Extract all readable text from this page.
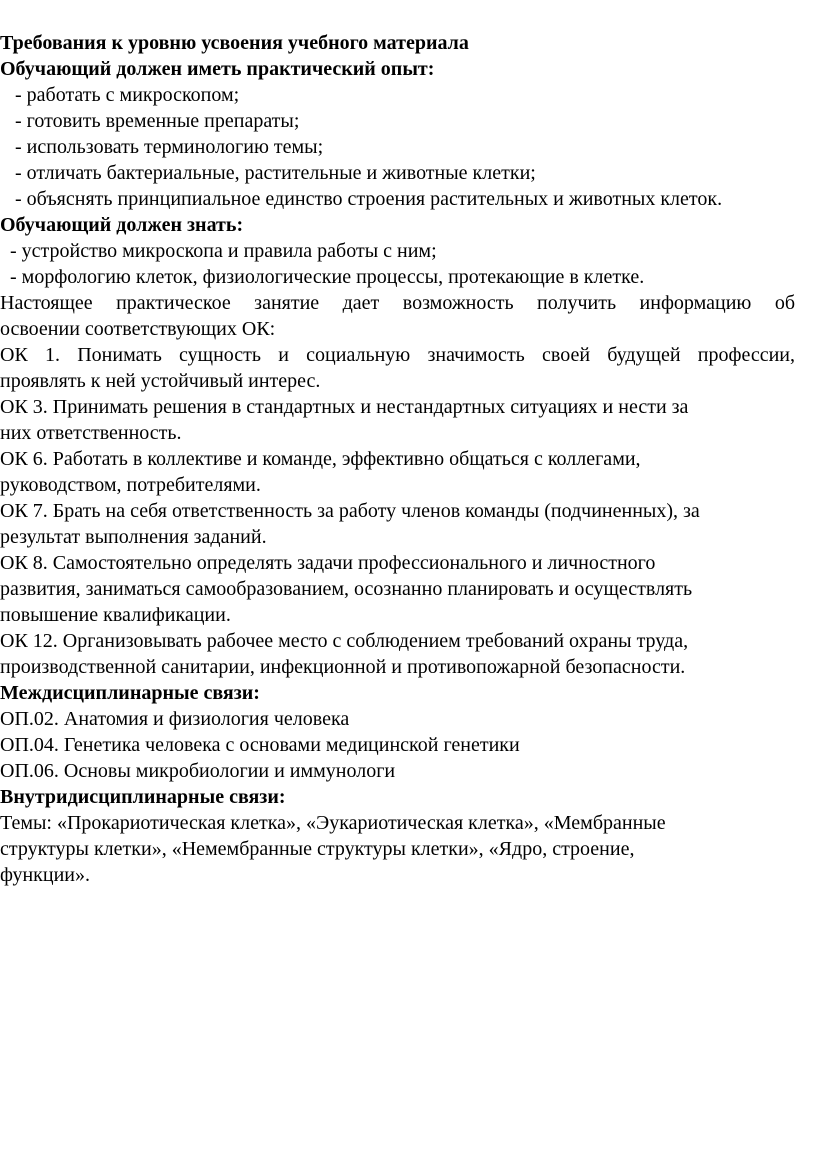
Требования к уровню усвоения учебного материала
Обучающий должен иметь практический опыт:
- работать с микроскопом;
- готовить временные препараты;
- использовать терминологию темы;
- отличать бактериальные, растительные и животные клетки;
- объяснять принципиальное единство строения растительных и животных клеток.
Обучающий должен знать:
- устройство микроскопа и правила работы с ним;
- морфологию клеток, физиологические процессы, протекающие в клетке.
Настоящее практическое занятие дает возможность получить информацию об
освоении соответствующих ОК:
ОК 1. Понимать сущность и социальную значимость своей будущей профессии,
проявлять к ней устойчивый интерес.
ОК 3. Принимать решения в стандартных и нестандартных ситуациях и нести за
них ответственность.
ОК 6. Работать в коллективе и команде, эффективно общаться с коллегами,
руководством, потребителями.
ОК 7. Брать на себя ответственность за работу членов команды (подчиненных), за
результат выполнения заданий.
ОК 8. Самостоятельно определять задачи профессионального и личностного
развития, заниматься самообразованием, осознанно планировать и осуществлять
повышение квалификации.
ОК 12. Организовывать рабочее место с соблюдением требований охраны труда,
производственной санитарии, инфекционной и противопожарной безопасности.
Междисциплинарные связи:
ОП.02. Анатомия и физиология человека
ОП.04. Генетика человека с основами медицинской генетики
ОП.06. Основы микробиологии и иммунологи
Внутридисциплинарные связи:
Темы: «Прокариотическая клетка», «Эукариотическая клетка», «Мембранные
структуры клетки», «Немембранные структуры клетки», «Ядро, строение,
функции».
